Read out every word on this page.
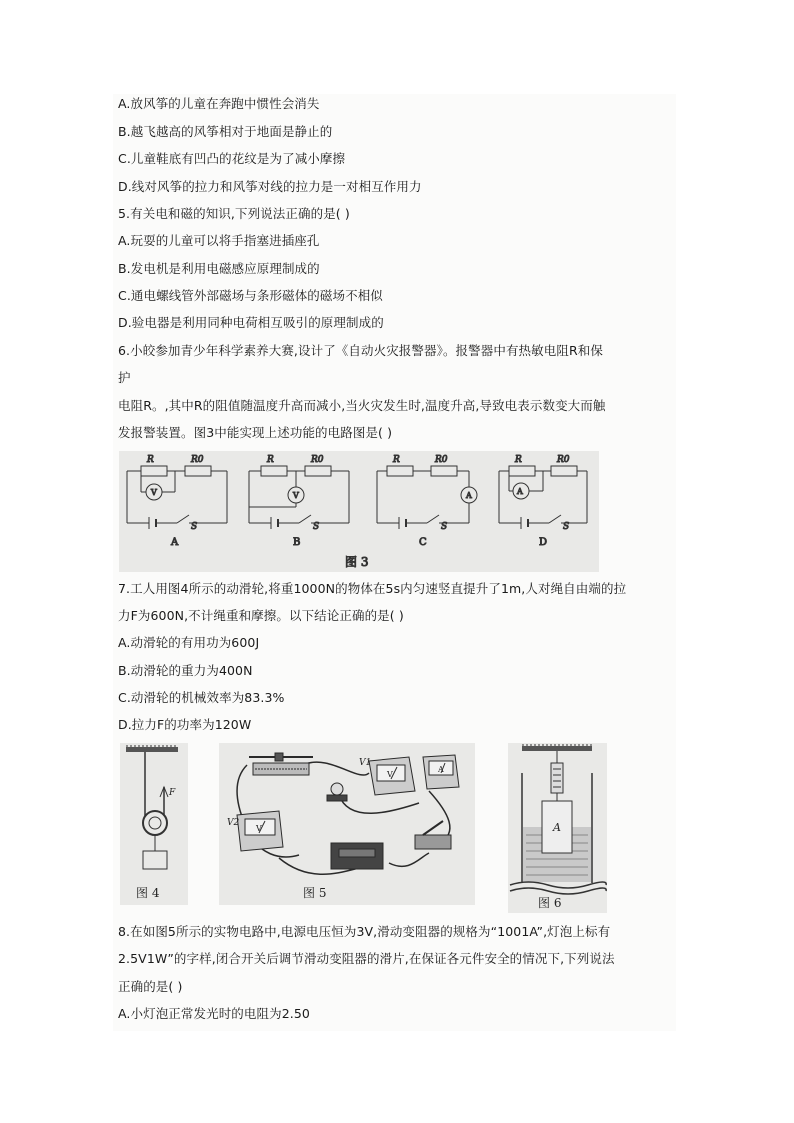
A.放风筝的儿童在奔跑中惯性会消失
B.越飞越高的风筝相对于地面是静止的
C.儿童鞋底有凹凸的花纹是为了减小摩擦
D.线对风筝的拉力和风筝对线的拉力是一对相互作用力
5.有关电和磁的知识,下列说法正确的是( )
A.玩耍的儿童可以将手指塞进插座孔
B.发电机是利用电磁感应原理制成的
C.通电螺线管外部磁场与条形磁体的磁场不相似
D.验电器是利用同种电荷相互吸引的原理制成的
6.小皎参加青少年科学素养大赛,设计了《自动火灾报警器》。报警器中有热敏电阻R和保
护
电阻R。,其中R的阻值随温度升高而减小,当火灾发生时,温度升高,导致电表示数变大而触
发报警装置。图3中能实现上述功能的电路图是( )
R	R0
V
S
A
R	R0
V
S
B
R	R0
A
S
C
R	R0
A
S
D
图 3
7.工人用图4所示的动滑轮,将重1000N的物体在5s内匀速竖直提升了1m,人对绳自由端的拉
力F为600N,不计绳重和摩擦。以下结论正确的是( )
A.动滑轮的有用功为600J
B.动滑轮的重力为400N
C.动滑轮的机械效率为83.3%
D.拉力F的功率为120W
F
图 4
V1
V2
V
A
V
图 5
A
图 6
8.在如图5所示的实物电路中,电源电压恒为3V,滑动变阻器的规格为“1001A”,灯泡上标有
2.5V1W”的字样,闭合开关后调节滑动变阻器的滑片,在保证各元件安全的情况下,下列说法
正确的是( )
A.小灯泡正常发光时的电阻为2.50
